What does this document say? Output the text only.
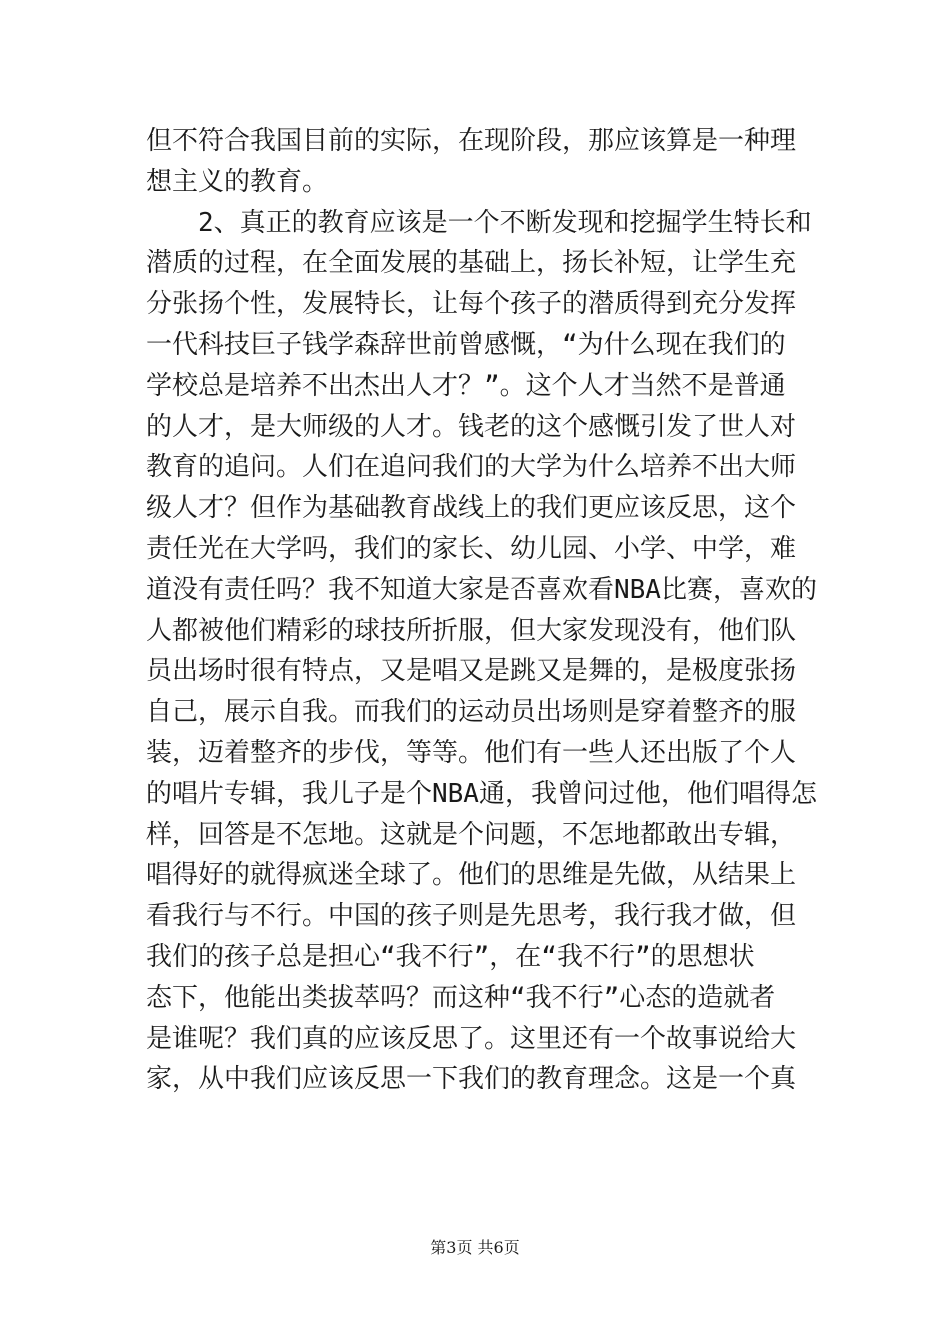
但不符合我国目前的实际，在现阶段，那应该算是一种理
想主义的教育。
　　2、真正的教育应该是一个不断发现和挖掘学生特长和
潜质的过程，在全面发展的基础上，扬长补短，让学生充
分张扬个性，发展特长，让每个孩子的潜质得到充分发挥
一代科技巨子钱学森辞世前曾感慨，“为什么现在我们的
学校总是培养不出杰出人才？”。这个人才当然不是普通
的人才，是大师级的人才。钱老的这个感慨引发了世人对
教育的追问。人们在追问我们的大学为什么培养不出大师
级人才？但作为基础教育战线上的我们更应该反思，这个
责任光在大学吗，我们的家长、幼儿园、小学、中学，难
道没有责任吗？我不知道大家是否喜欢看NBA比赛，喜欢的
人都被他们精彩的球技所折服，但大家发现没有，他们队
员出场时很有特点，又是唱又是跳又是舞的，是极度张扬
自己，展示自我。而我们的运动员出场则是穿着整齐的服
装，迈着整齐的步伐，等等。他们有一些人还出版了个人
的唱片专辑，我儿子是个NBA通，我曾问过他，他们唱得怎
样，回答是不怎地。这就是个问题，不怎地都敢出专辑，
唱得好的就得疯迷全球了。他们的思维是先做，从结果上
看我行与不行。中国的孩子则是先思考，我行我才做，但
我们的孩子总是担心“我不行”，在“我不行”的思想状
态下，他能出类拔萃吗？而这种“我不行”心态的造就者
是谁呢？我们真的应该反思了。这里还有一个故事说给大
家，从中我们应该反思一下我们的教育理念。这是一个真
第3页 共6页
